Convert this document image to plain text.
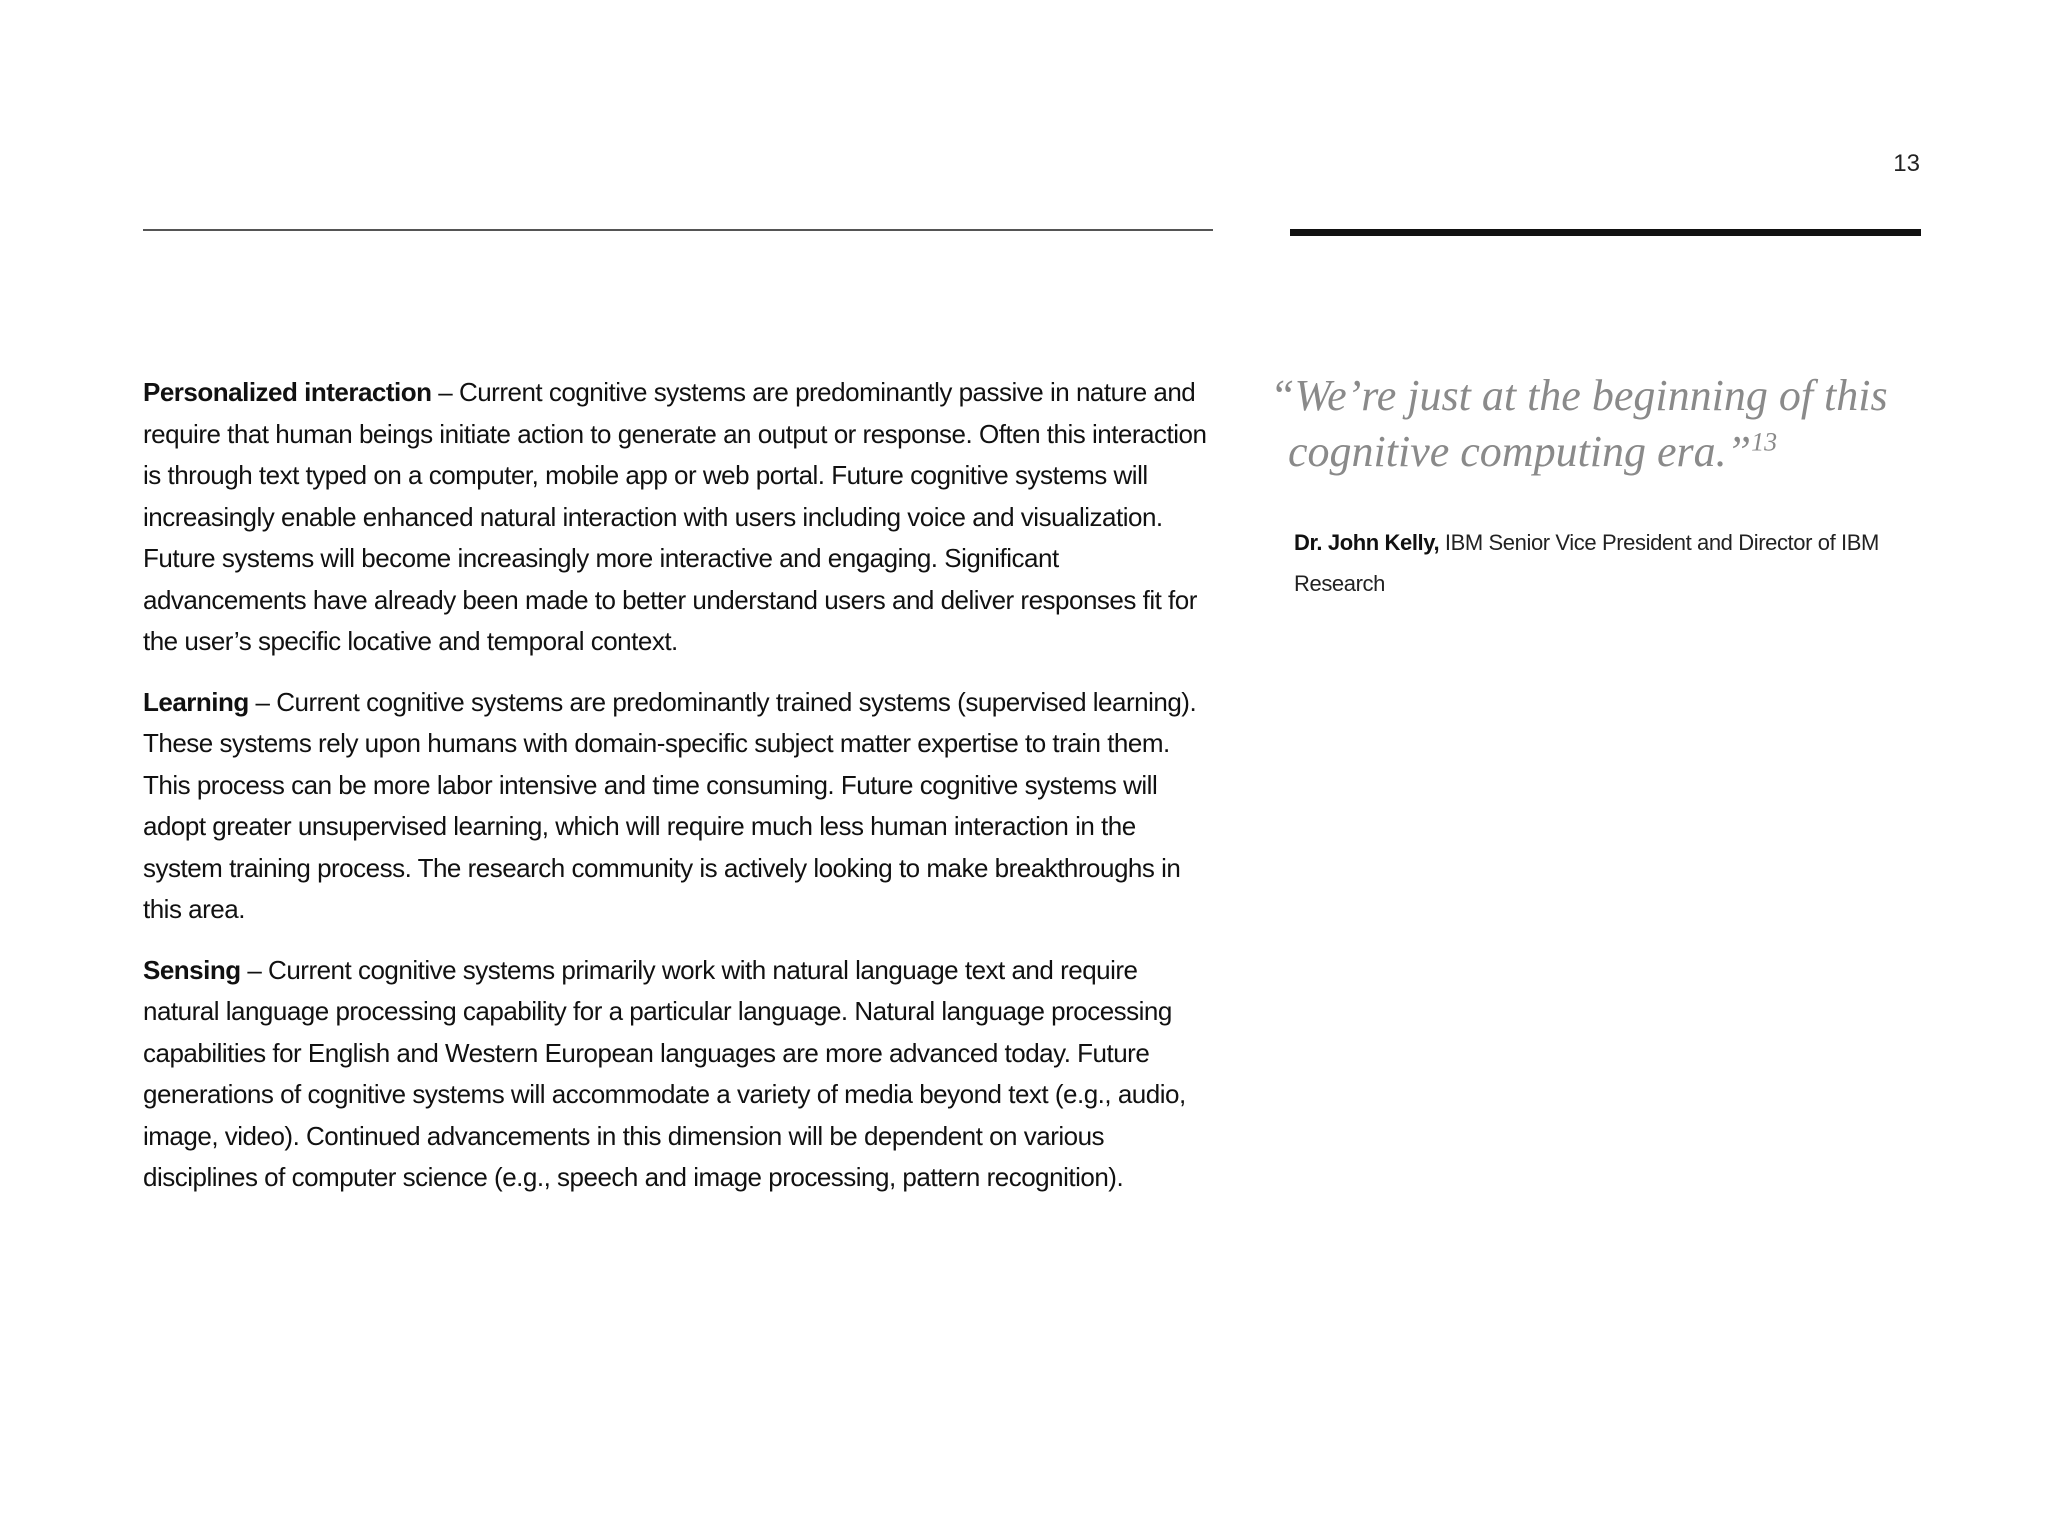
13

Personalized interaction – Current cognitive systems are predominantly passive in nature and require that human beings initiate action to generate an output or response. Often this interaction is through text typed on a computer, mobile app or web portal. Future cognitive systems will increasingly enable enhanced natural interaction with users including voice and visualization. Future systems will become increasingly more interactive and engaging. Significant advancements have already been made to better understand users and deliver responses fit for the user’s specific locative and temporal context.

Learning – Current cognitive systems are predominantly trained systems (supervised learning). These systems rely upon humans with domain-specific subject matter expertise to train them. This process can be more labor intensive and time consuming. Future cognitive systems will adopt greater unsupervised learning, which will require much less human interaction in the system training process. The research community is actively looking to make breakthroughs in this area.

Sensing – Current cognitive systems primarily work with natural language text and require natural language processing capability for a particular language. Natural language processing capabilities for English and Western European languages are more advanced today. Future generations of cognitive systems will accommodate a variety of media beyond text (e.g., audio, image, video). Continued advancements in this dimension will be dependent on various disciplines of computer science (e.g., speech and image processing, pattern recognition).

“We’re just at the beginning of this
cognitive computing era.”$^{13}$
Dr. John Kelly, IBM Senior Vice President and Director of IBM Research
